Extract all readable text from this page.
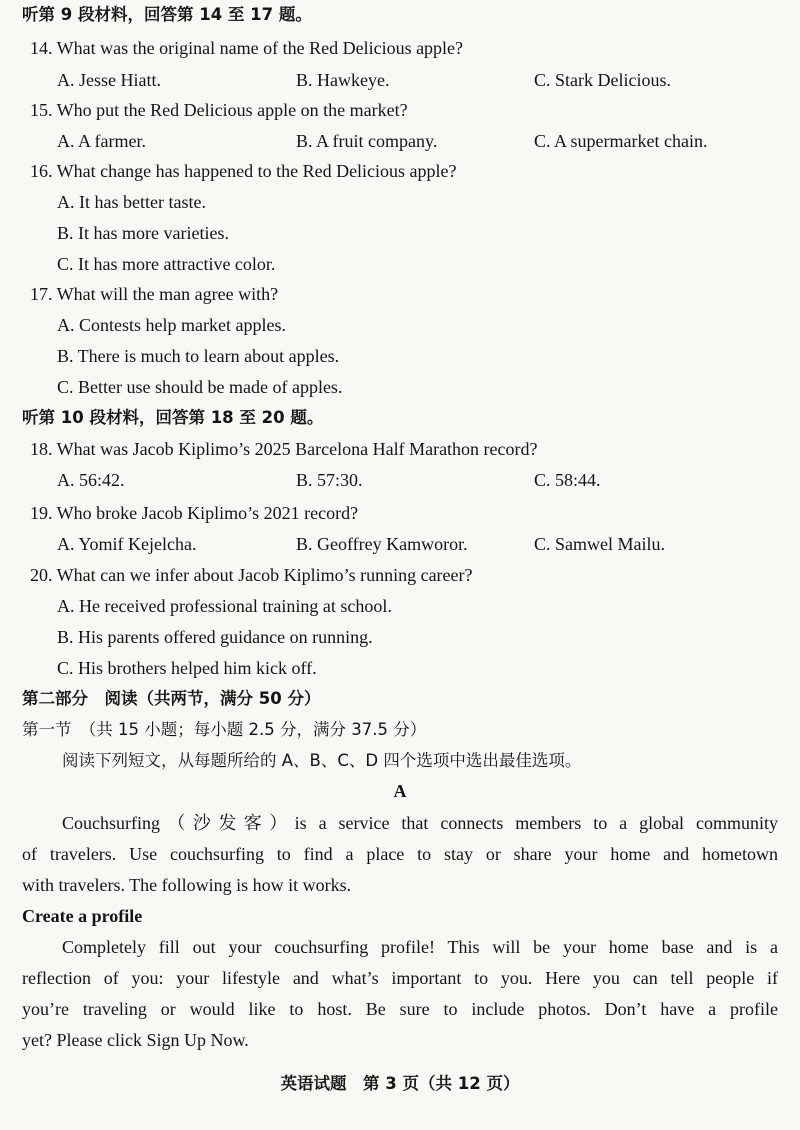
听第 9 段材料，回答第 14 至 17 题。
14. What was the original name of the Red Delicious apple?
A. Jesse Hiatt.	B. Hawkeye.	C. Stark Delicious.
15. Who put the Red Delicious apple on the market?
A. A farmer.	B. A fruit company.	C. A supermarket chain.
16. What change has happened to the Red Delicious apple?
A. It has better taste.
B. It has more varieties.
C. It has more attractive color.
17. What will the man agree with?
A. Contests help market apples.
B. There is much to learn about apples.
C. Better use should be made of apples.
听第 10 段材料，回答第 18 至 20 题。
18. What was Jacob Kiplimo’s 2025 Barcelona Half Marathon record?
A. 56:42.	B. 57:30.	C. 58:44.
19. Who broke Jacob Kiplimo’s 2021 record?
A. Yomif Kejelcha.	B. Geoffrey Kamworor.	C. Samwel Mailu.
20. What can we infer about Jacob Kiplimo’s running career?
A. He received professional training at school.
B. His parents offered guidance on running.
C. His brothers helped him kick off.
第二部分　阅读（共两节，满分 50 分）
第一节　（共 15 小题；每小题 2.5 分，满分 37.5 分）
阅读下列短文，从每题所给的 A、B、C、D 四个选项中选出最佳选项。
A
Couchsurfing（沙发客）is a service that connects members to a global community
of travelers. Use couchsurfing to find a place to stay or share your home and hometown
with travelers. The following is how it works.
Create a profile
Completely fill out your couchsurfing profile! This will be your home base and is a
reflection of you: your lifestyle and what’s important to you. Here you can tell people if
you’re traveling or would like to host. Be sure to include photos. Don’t have a profile
yet? Please click Sign Up Now.
英语试题　第 3 页（共 12 页）
